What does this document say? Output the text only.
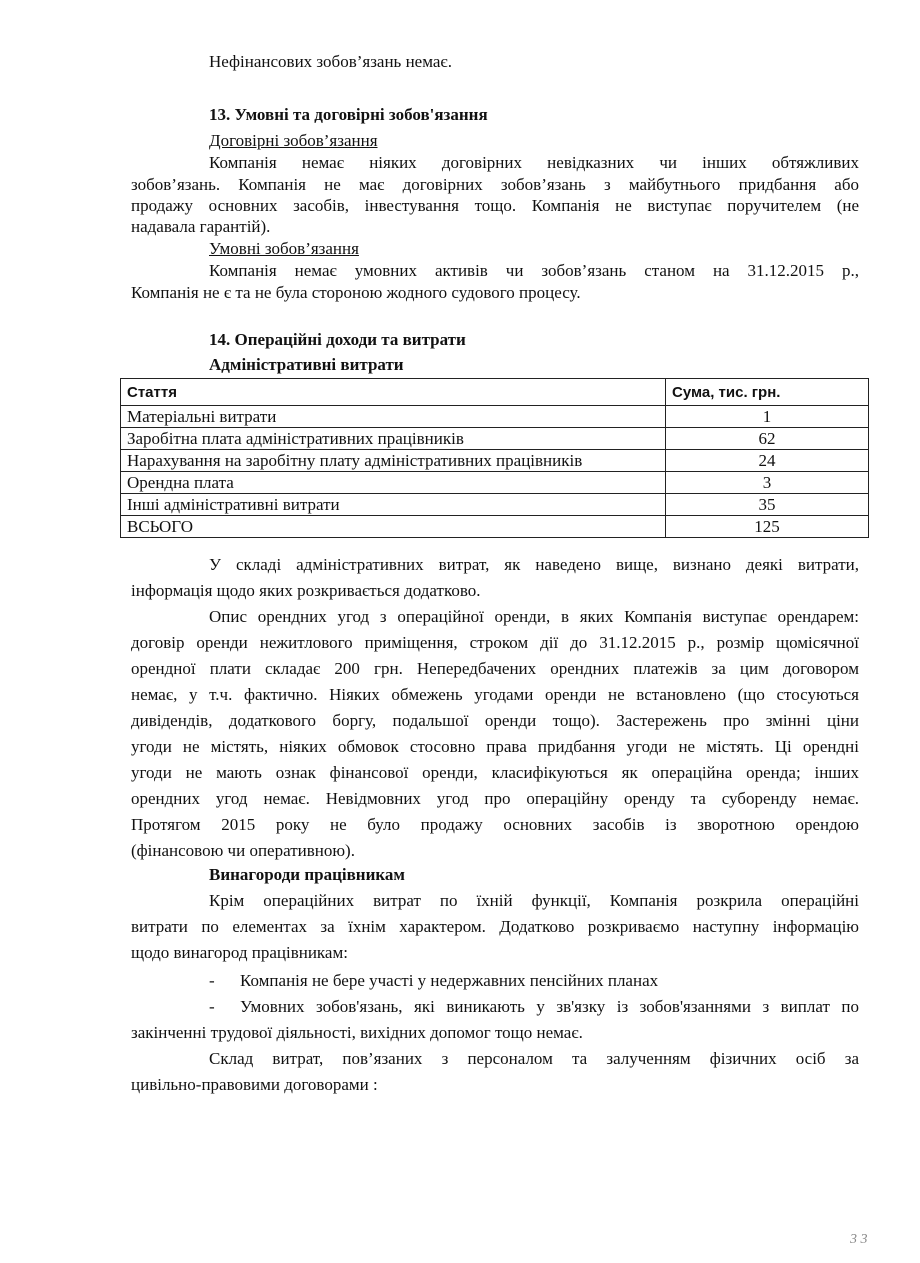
Нефінансових зобов’язань немає.
13. Умовні та договірні зобов'язання
Договірні зобов’язання
Компанія немає ніяких договірних невідказних чи інших обтяжливих
зобов’язань. Компанія не має договірних зобов’язань з майбутнього придбання або
продажу основних засобів, інвестування тощо. Компанія не виступає поручителем (не
надавала гарантій).
Умовні зобов’язання
Компанія немає умовних активів чи зобов’язань станом на 31.12.2015 р.,
Компанія не є та не була стороною жодного судового процесу.
14. Операційні доходи та витрати
Адміністративні витрати
Стаття	Сума, тис. грн.
Матеріальні витрати	1
Заробітна плата адміністративних працівників	62
Нарахування на заробітну плату адміністративних працівників	24
Орендна плата	3
Інші адміністративні витрати	35
ВСЬОГО	125
У складі адміністративних витрат, як наведено вище, визнано деякі витрати,
інформація щодо яких розкривається додатково.
Опис орендних угод з операційної оренди, в яких Компанія виступає орендарем:
договір оренди нежитлового приміщення, строком дії до 31.12.2015 р., розмір щомісячної
орендної плати складає 200 грн. Непередбачених орендних платежів за цим договором
немає, у т.ч. фактично. Ніяких обмежень угодами оренди не встановлено (що стосуються
дивідендів, додаткового боргу, подальшої оренди тощо). Застережень про змінні ціни
угоди не містять, ніяких обмовок стосовно права придбання угоди не містять. Ці орендні
угоди не мають ознак фінансової оренди, класифікуються як операційна оренда; інших
орендних угод немає. Невідмовних угод про операційну оренду та суборенду немає.
Протягом 2015 року не було продажу основних засобів із зворотною орендою
(фінансовою чи оперативною).
Винагороди працівникам
Крім операційних витрат по їхній функції, Компанія розкрила операційні
витрати по елементах за їхнім характером. Додатково розкриваємо наступну інформацію
щодо винагород працівникам:
- Компанія не бере участі у недержавних пенсійних планах
- Умовних зобов'язань, які виникають у зв'язку із зобов'язаннями з виплат по
закінченні трудової діяльності, вихідних допомог тощо немає.
Склад витрат, пов’язаних з персоналом та залученням фізичних осіб за
цивільно-правовими договорами :
3 3
